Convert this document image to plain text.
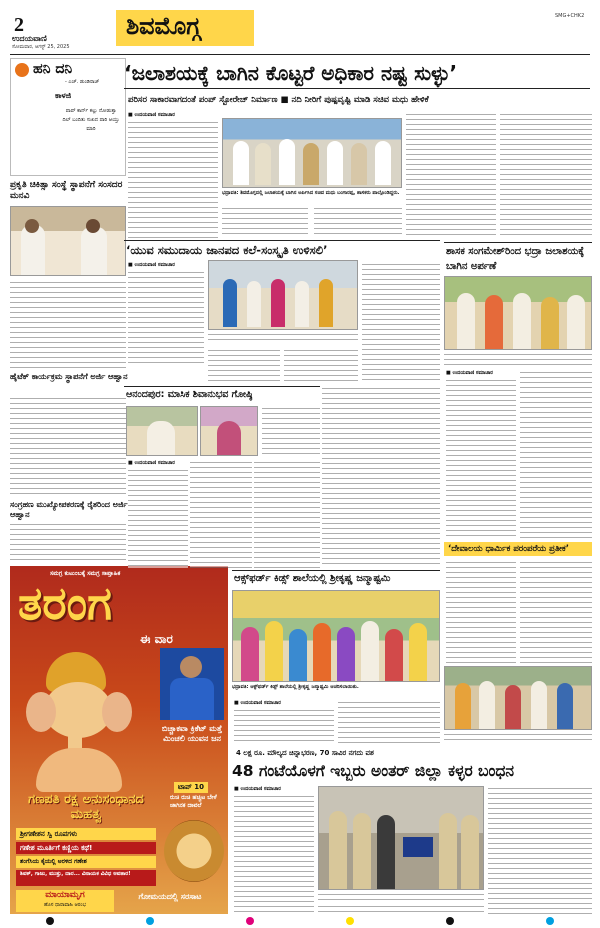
2
ಉದಯವಾಣಿ
ಸೋಮವಾರ, ಆಗಸ್ಟ್ 25, 2025
ಶಿವಮೊಗ್ಗ	SMG+CHK2
ಹನಿ ದನಿ
- ಎಚ್. ಡುಂಡಿರಾಜ್
ಕಾಳಜಿ
ಪಾಪ್ ಕಾರ್ನ್ ಕಲ್ಲು ನೋಡುತ್ತಾ ದಿಲ್ ಬಂದಿತು ಸುಖದ ಪಾರಿ ಆಯ್ತು ಮಾರಿ
ಪ್ರಕೃತಿ ಚಿಕಿತ್ಸಾ ಸಂಸ್ಥೆ ಸ್ಥಾಪನೆಗೆ ಸಂಸದರ ಮನವಿ
ಹೈಟೆಕ್ ಕಾರ್ಯಕ್ರಮ ಸ್ಥಾಪನೆಗೆ ಅರ್ಜಿ ಆಹ್ವಾನ
ಸಂಗ್ರಹಣ ಮುಖ್ಯೋಪಕರಣಕ್ಕೆ ರೈತರಿಂದ ಅರ್ಜಿ ಆಹ್ವಾನ
ಸಮಗ್ರ ಕುಟುಂಬಕ್ಕೆ ಸಮಗ್ರ ಸಾಪ್ತಾಹಿಕ
ತರಂಗ
ಈ ವಾರ
ಬಿಚ್ಚಾಕವಾ ಕ್ರಿಕೆಟ್ ಮತ್ತೆ ಮಿಂಚಲಿ ಯುವನ ಜನ
ಟಾಪ್ 10
ರುಚಿ ರುಚಿ ಹಚ್ಚಿಟ ಬೇಳೆ ಜಾಗಿನಕ ದಾವಲೆ
ಗಣಪತಿ ರಕ್ಷ ಅನುಸಂಧಾನದ ಮಹತ್ವ
ಶ್ರೀಗಣೇಶನ ಸ್ವಿ ರೂಪಗಳು
ಗಣೇಶ ಮೂರ್ತಿಗೆ ಕಣ್ಣಿಯ ಕಥೆ!
ಶಂಗೆಸಿಯ ಕೈಯಲ್ಲಿ ಅರಳಿದ ಗಣೇಶ
ಶಿವಕ್, ಗಾಜು, ಮುತ್ತು, ದಾರ... ವಿನಾಯಕ ವಿವಿಧ ಅವತಾರ!
ಮಾಯಾಮೃಗ
ಹೊಸ ಧಾರಾವಾಹಿ ಆರಂಭ
ಗೋಮಯದಲ್ಲಿ ಸರಸಾಟ
‘ಜಲಾಶಯಕ್ಕೆ ಬಾಗಿನ ಕೊಟ್ಟರೆ ಅಧಿಕಾರ ನಷ್ಟ ಸುಳ್ಳು’
ಪರಿಸರ ಸಾಕಾರವಾಗದಂತೆ ಪಂಪ್ ಸ್ಟೋರೇಜ್ ನಿರ್ಮಾಣ ■ ನದಿ ನೀರಿಗೆ ಪುಷ್ಪವೃಷ್ಟಿ ಮಾಡಿ ಸಚಿವ ಮಧು ಹೇಳಿಕೆ
■ ಉದಯವಾಣಿ ಸಮಾಚಾರ
ಭದ್ರಾವತಿ: ಶಿವಮೊಗ್ಗದಲ್ಲಿ ಜಲಾಶಯಕ್ಕೆ ಬಾಗಿನ ಅರ್ಪಿಸಿದ ಸಚಿವ ಮಧು ಬಂಗಾರಪ್ಪ, ಶಾಸಕರು ಪಾಲ್ಗೊಂಡಿದ್ದರು.
‘ಯುವ ಸಮುದಾಯ ಜಾನಪದ ಕಲೆ-ಸಂಸ್ಕೃತಿ ಉಳಿಸಲಿ’
■ ಉದಯವಾಣಿ ಸಮಾಚಾರ
ಆನಂದಪುರ: ಮಾಸಿಕ ಶಿವಾನುಭವ ಗೋಷ್ಠಿ
■ ಉದಯವಾಣಿ ಸಮಾಚಾರ
ಶಾಸಕ ಸಂಗಮೇಶ್‌ರಿಂದ ಭದ್ರಾ ಜಲಾಶಯಕ್ಕೆ ಬಾಗಿನ ಅರ್ಪಣೆ
■ ಉದಯವಾಣಿ ಸಮಾಚಾರ
‘ದೇವಾಲಯ ಧಾರ್ಮಿಕ ಪರಂಪರೆಯ ಪ್ರತೀಕ’
ಆಕ್ಸ್‌ಫರ್ಡ್ ಕಿಡ್ಸ್ ಶಾಲೆಯಲ್ಲಿ ಶ್ರೀಕೃಷ್ಣ ಜನ್ಮಾಷ್ಟಮಿ
ಭದ್ರಾವತಿ: ಆಕ್ಸ್‌ಫರ್ಡ್ ಕಿಡ್ಸ್ ಶಾಲೆಯಲ್ಲಿ ಶ್ರೀಕೃಷ್ಣ ಜನ್ಮಾಷ್ಟಮಿ ಆಚರಿಸಲಾಯಿತು.
■ ಉದಯವಾಣಿ ಸಮಾಚಾರ
4 ಲಕ್ಷ ರೂ. ಮೌಲ್ಯದ ಚಿನ್ನಾಭರಣ, 70 ಸಾವಿರ ನಗದು ವಶ
48 ಗಂಟೆಯೊಳಗೆ ಇಬ್ಬರು ಅಂತರ್ ಜಿಲ್ಲಾ ಕಳ್ಳರ ಬಂಧನ
■ ಉದಯವಾಣಿ ಸಮಾಚಾರ
